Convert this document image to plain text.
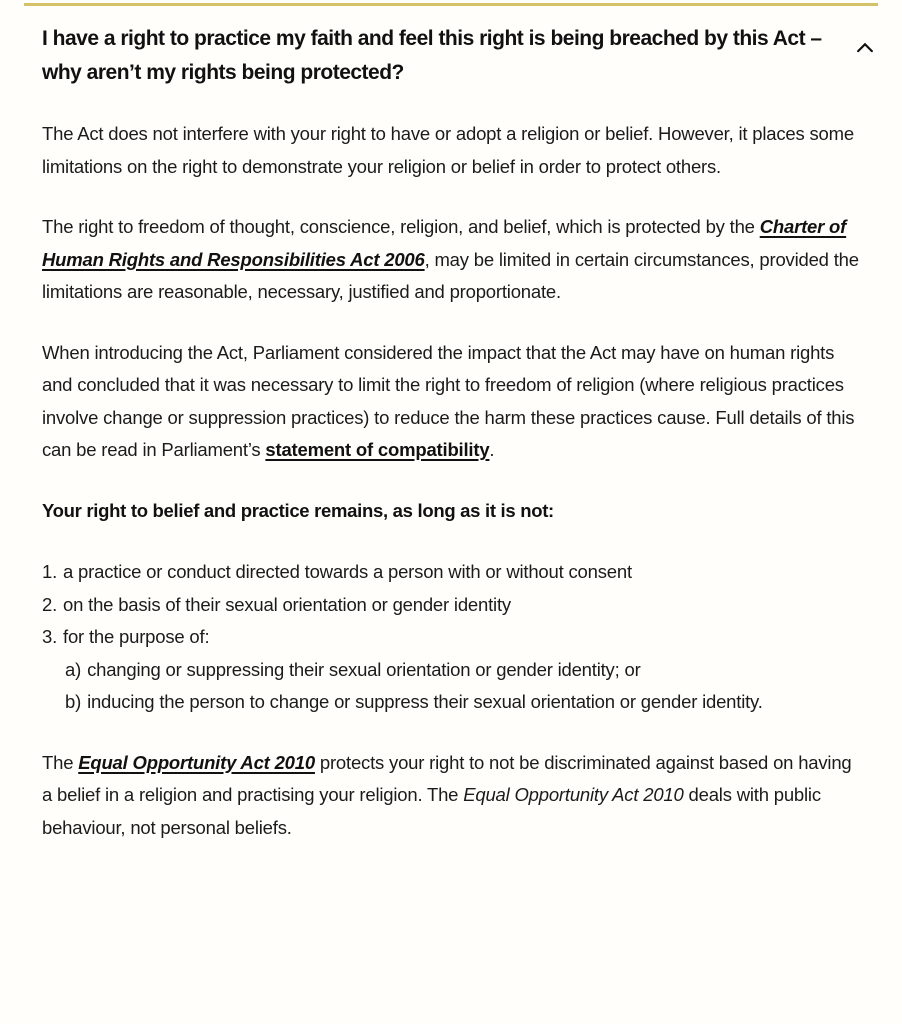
I have a right to practice my faith and feel this right is being breached by this Act – why aren’t my rights being protected?

The Act does not interfere with your right to have or adopt a religion or belief. However, it places some limitations on the right to demonstrate your religion or belief in order to protect others.

The right to freedom of thought, conscience, religion, and belief, which is protected by the Charter of Human Rights and Responsibilities Act 2006, may be limited in certain circumstances, provided the limitations are reasonable, necessary, justified and proportionate.

When introducing the Act, Parliament considered the impact that the Act may have on human rights and concluded that it was necessary to limit the right to freedom of religion (where religious practices involve change or suppression practices) to reduce the harm these practices cause. Full details of this can be read in Parliament’s statement of compatibility.

Your right to belief and practice remains, as long as it is not:

1. a practice or conduct directed towards a person with or without consent
2. on the basis of their sexual orientation or gender identity
3. for the purpose of:
a) changing or suppressing their sexual orientation or gender identity; or
b) inducing the person to change or suppress their sexual orientation or gender identity.

The Equal Opportunity Act 2010 protects your right to not be discriminated against based on having a belief in a religion and practising your religion. The Equal Opportunity Act 2010 deals with public behaviour, not personal beliefs.
